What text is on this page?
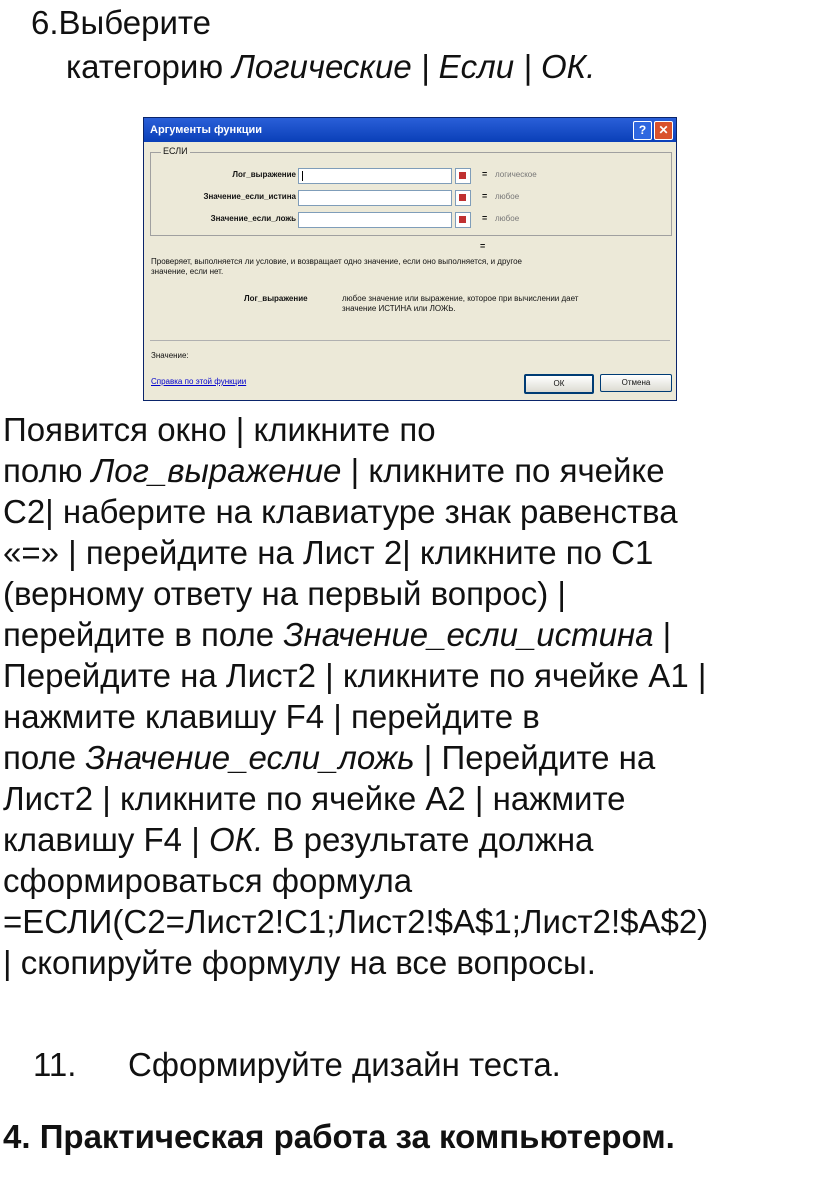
6.Выберите
категорию Логические | Если | ОК.
Аргументы функции	?	✕
ЕСЛИ
Лог_выражение	= логическое
Значение_если_истина	= любое
Значение_если_ложь	= любое
=
Проверяет, выполняется ли условие, и возвращает одно значение, если оно выполняется, и другое
значение, если нет.
Лог_выражение	любое значение или выражение, которое при вычислении дает
значение ИСТИНА или ЛОЖЬ.
Значение:
Справка по этой функции	ОК	Отмена
Появится окно | кликните по
полю Лог_выражение | кликните по ячейке
С2| наберите на клавиатуре знак равенства
«=» | перейдите на Лист 2| кликните по С1
(верному ответу на первый вопрос) |
перейдите в поле Значение_если_истина |
Перейдите на Лист2 | кликните по ячейке А1 |
нажмите клавишу F4 | перейдите в
поле Значение_если_ложь | Перейдите на
Лист2 | кликните по ячейке А2 | нажмите
клавишу F4 | ОК. В результате должна
сформироваться формула
=ЕСЛИ(С2=Лист2!С1;Лист2!$A$1;Лист2!$A$2)
| скопируйте формулу на все вопросы.
11. Сформируйте дизайн теста.
4. Практическая работа за компьютером.
